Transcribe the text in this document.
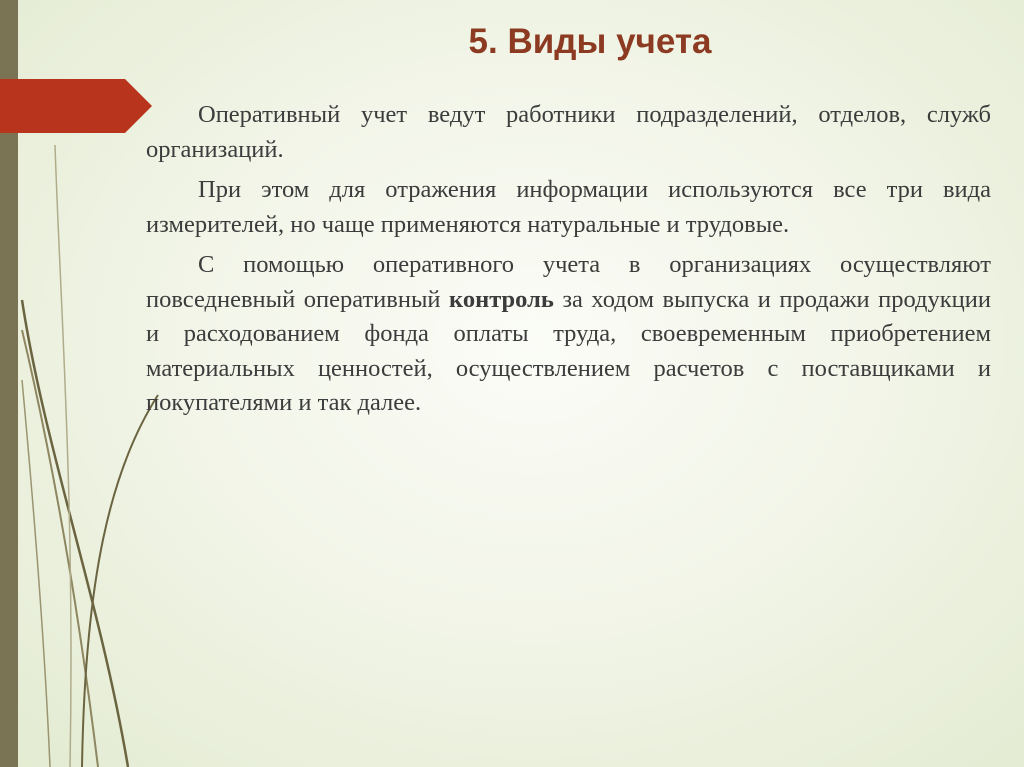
5. Виды учета

Оперативный учет ведут работники подразделений, отделов, служб организаций.

При этом для отражения информации используются все три вида измерителей, но чаще применяются натуральные и трудовые.

С помощью оперативного учета в организациях осуществляют повседневный оперативный контроль за ходом выпуска и продажи продукции и расходованием фонда оплаты труда, своевременным приобретением материальных ценностей, осуществлением расчетов с поставщиками и покупателями и так далее.
